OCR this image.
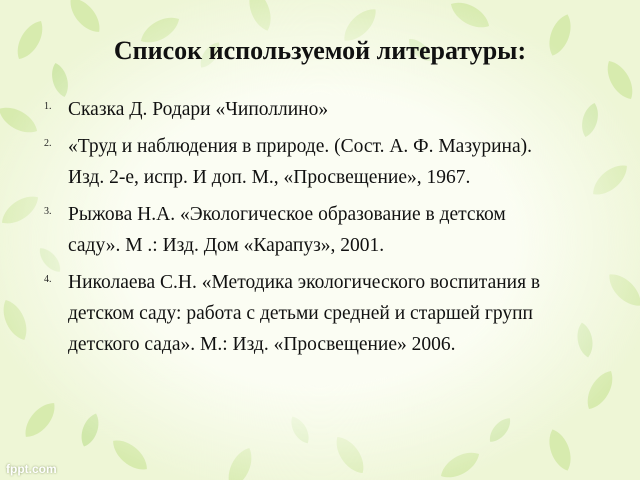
Список используемой литературы:
1. Сказка Д. Родари «Чиполлино»
2. «Труд и наблюдения в природе. (Сост. А. Ф. Мазурина).
Изд. 2-е, испр. И доп. М., «Просвещение», 1967.
3. Рыжова Н.А. «Экологическое образование в детском
саду». М .: Изд. Дом «Карапуз», 2001.
4. Николаева С.Н. «Методика экологического воспитания в
детском саду: работа с детьми средней и старшей групп
детского сада». М.: Изд. «Просвещение» 2006.
fppt.com
